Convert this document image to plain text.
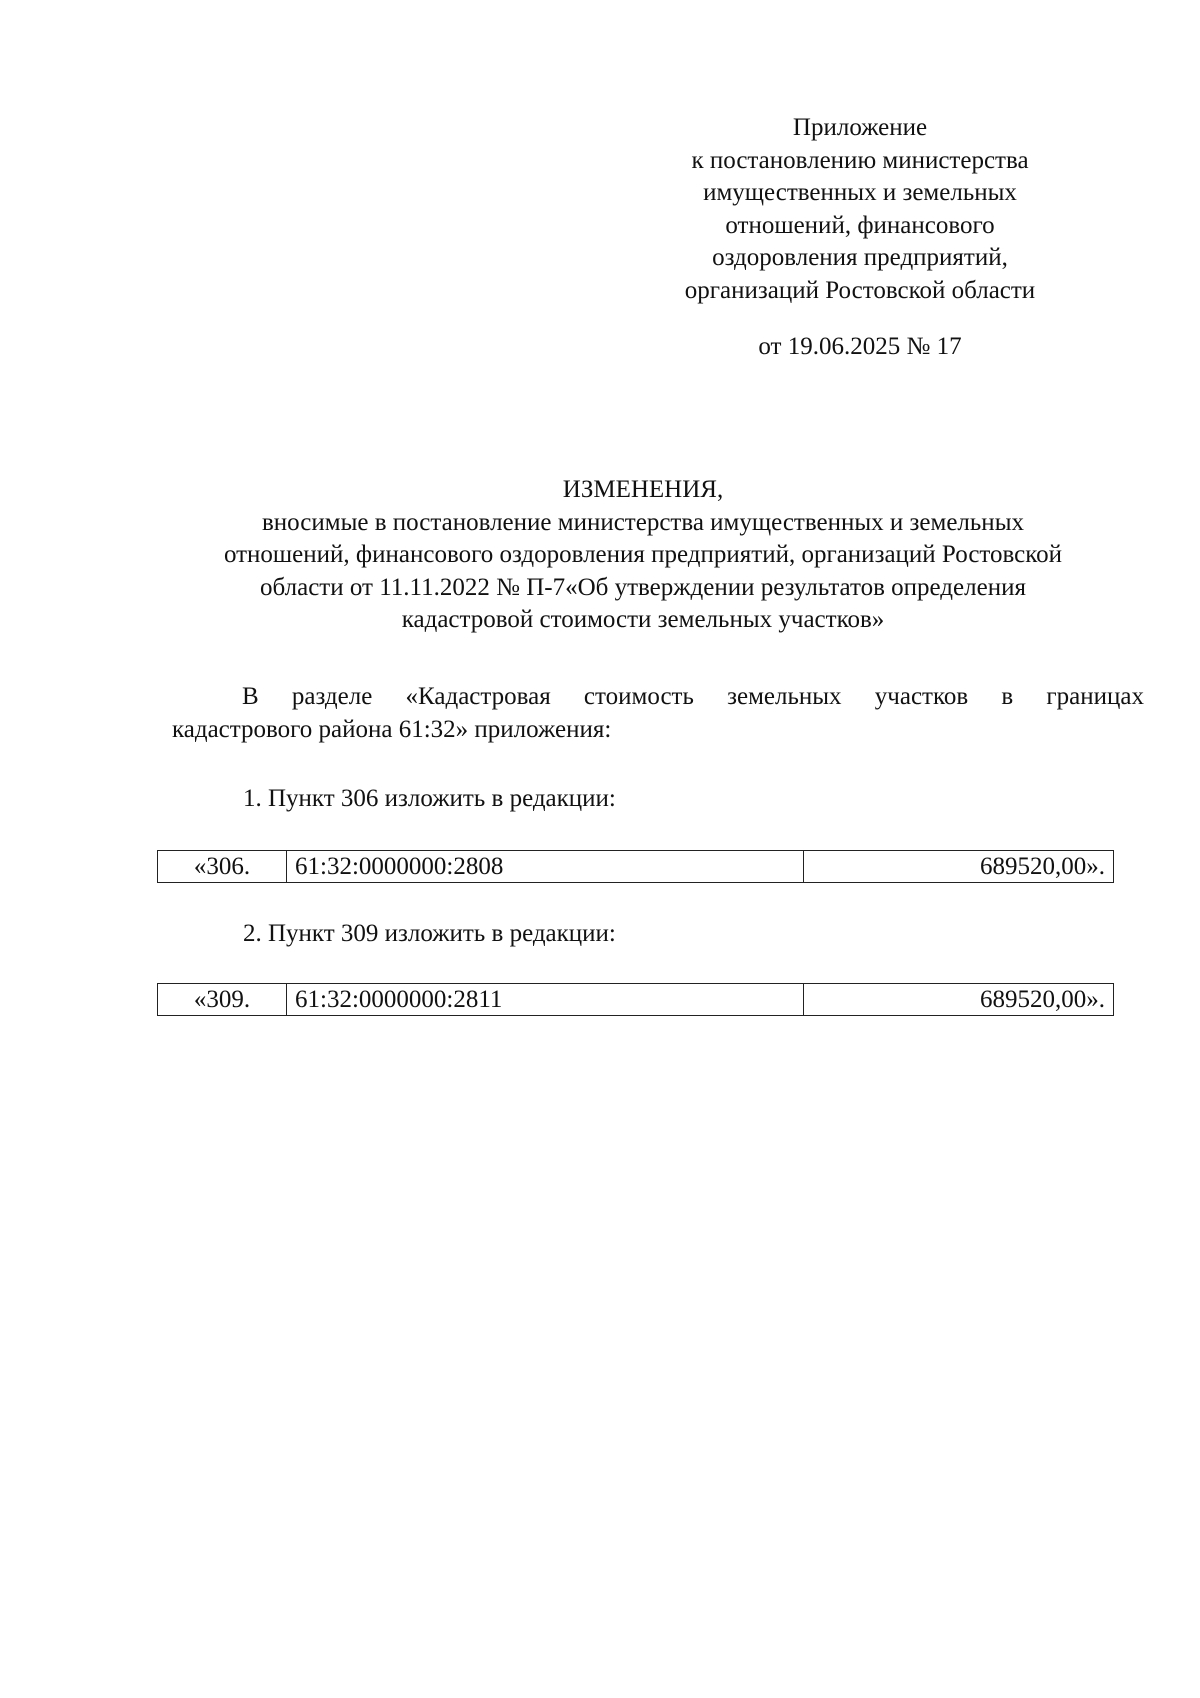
Приложение
к постановлению министерства
имущественных и земельных
отношений, финансового
оздоровления предприятий,
организаций Ростовской области
от 19.06.2025 № 17
ИЗМЕНЕНИЯ,
вносимые в постановление министерства имущественных и земельных
отношений, финансового оздоровления предприятий, организаций Ростовской
области от 11.11.2022 № П-7«Об утверждении результатов определения
кадастровой стоимости земельных участков»
В разделе «Кадастровая стоимость земельных участков в границах
кадастрового района 61:32» приложения:
1. Пункт 306 изложить в редакции:
«306.	61:32:0000000:2808	689520,00».
2. Пункт 309 изложить в редакции:
«309.	61:32:0000000:2811	689520,00».
